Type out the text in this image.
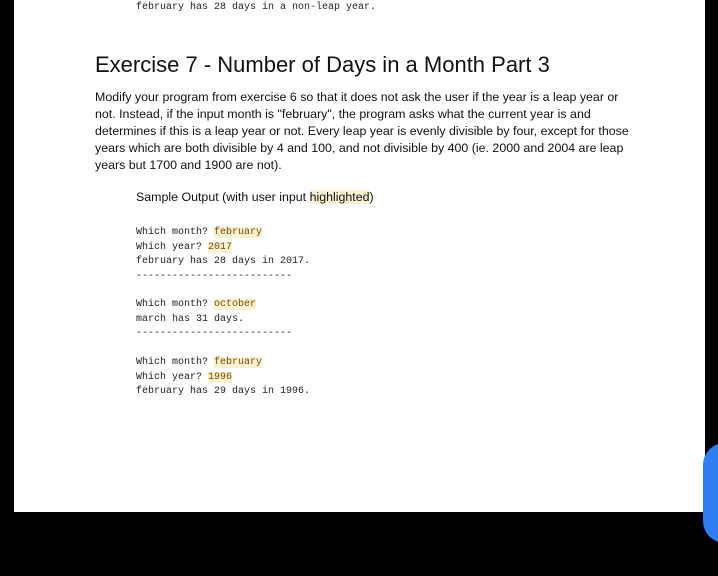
february has 28 days in a non-leap year.
Exercise 7 - Number of Days in a Month Part 3

Modify your program from exercise 6 so that it does not ask the user if the year is a leap year or not. Instead, if the input month is "february", the program asks what the current year is and determines if this is a leap year or not. Every leap year is evenly divisible by four, except for those years which are both divisible by 4 and 100, and not divisible by 400 (ie. 2000 and 2004 are leap years but 1700 and 1900 are not).

Sample Output (with user input highlighted)
Which month? february
Which year? 2017
february has 28 days in 2017.
--------------------------
Which month? october
march has 31 days.
--------------------------
Which month? february
Which year? 1996
february has 29 days in 1996.
